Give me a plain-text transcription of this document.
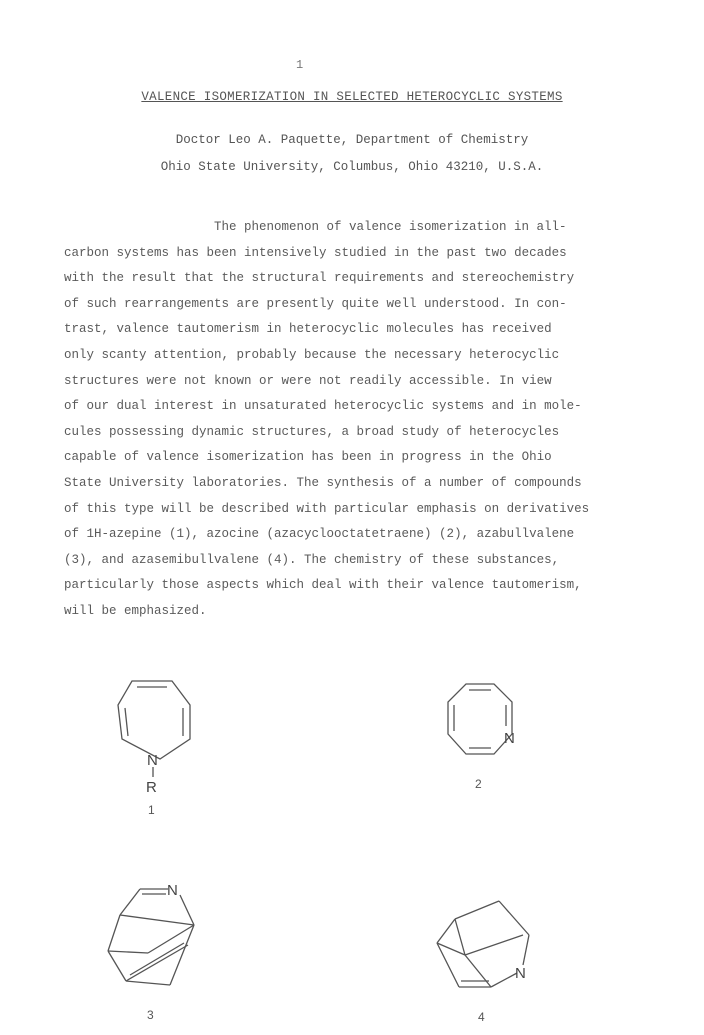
1
VALENCE ISOMERIZATION IN SELECTED HETEROCYCLIC SYSTEMS
Doctor Leo A. Paquette, Department of Chemistry
Ohio State University, Columbus, Ohio 43210, U.S.A.
The phenomenon of valence isomerization in all-
carbon systems has been intensively studied in the past two decades
with the result that the structural requirements and stereochemistry
of such rearrangements are presently quite well understood. In con-
trast, valence tautomerism in heterocyclic molecules has received
only scanty attention, probably because the necessary heterocyclic
structures were not known or were not readily accessible. In view
of our dual interest in unsaturated heterocyclic systems and in mole-
cules possessing dynamic structures, a broad study of heterocycles
capable of valence isomerization has been in progress in the Ohio
State University laboratories. The synthesis of a number of compounds
of this type will be described with particular emphasis on derivatives
of 1H-azepine (1), azocine (azacyclooctatetraene) (2), azabullvalene
(3), and azasemibullvalene (4). The chemistry of these substances,
particularly those aspects which deal with their valence tautomerism,
will be emphasized.
N
R
1
N
2
N
3
N
4
